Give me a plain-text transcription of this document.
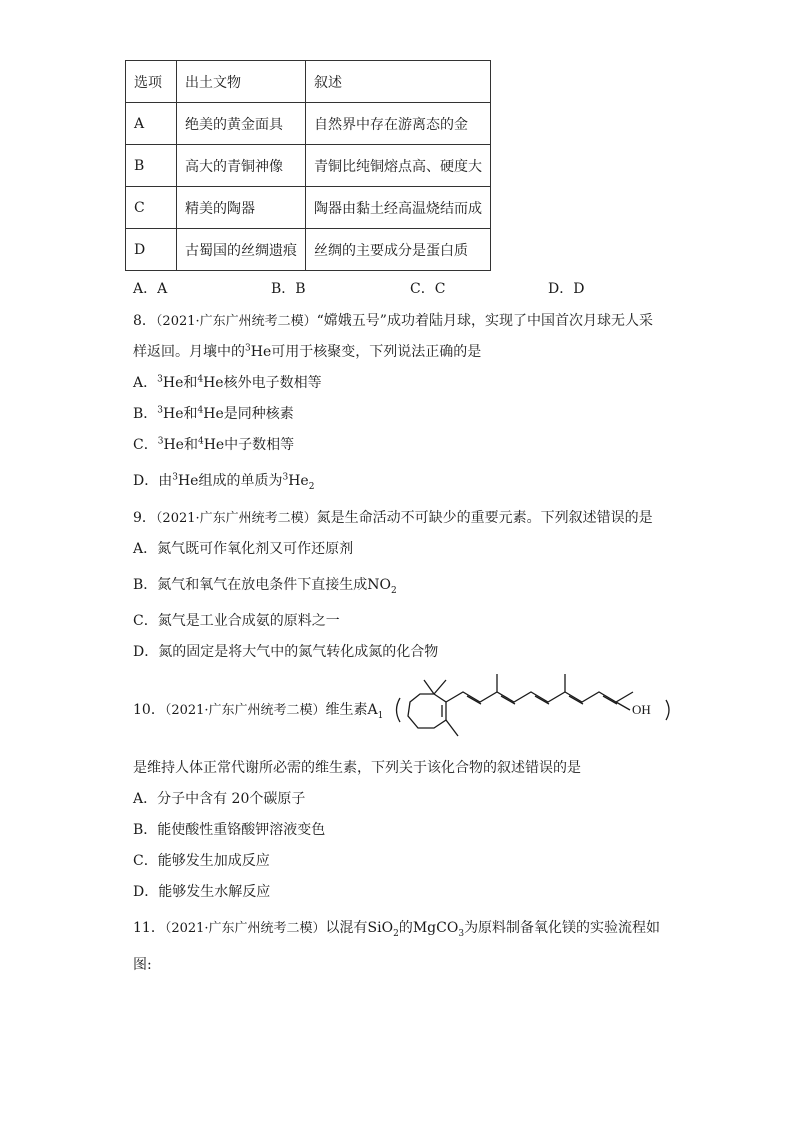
选项	出土文物	叙述
A	绝美的黄金面具	自然界中存在游离态的金
B	高大的青铜神像	青铜比纯铜熔点高、硬度大
C	精美的陶器	陶器由黏土经高温烧结而成
D	古蜀国的丝绸遗痕	丝绸的主要成分是蛋白质
A．A	B．B	C．C	D．D
8．（2021·广东广州统考二模）“嫦娥五号”成功着陆月球，实现了中国首次月球无人采
样返回。月壤中的$^3$He可用于核聚变，下列说法正确的是
A．$^3$He和$^4$He核外电子数相等
B．$^3$He和$^4$He是同种核素
C．$^3$He和$^4$He中子数相等
D．由$^3$He组成的单质为$^3He_2$
9．（2021·广东广州统考二模）氮是生命活动不可缺少的重要元素。下列叙述错误的是
A．氮气既可作氧化剂又可作还原剂
B．氮气和氧气在放电条件下直接生成$NO_2$
C．氮气是工业合成氨的原料之一
D．氮的固定是将大气中的氮气转化成氮的化合物
10．（2021·广东广州统考二模）维生素$A_1$	OH
是维持人体正常代谢所必需的维生素，下列关于该化合物的叙述错误的是
A．分子中含有 20个碳原子
B．能使酸性重铬酸钾溶液变色
C．能够发生加成反应
D．能够发生水解反应
11．（2021·广东广州统考二模）以混有SiO$_2$的MgCO$_3$为原料制备氧化镁的实验流程如
图:
